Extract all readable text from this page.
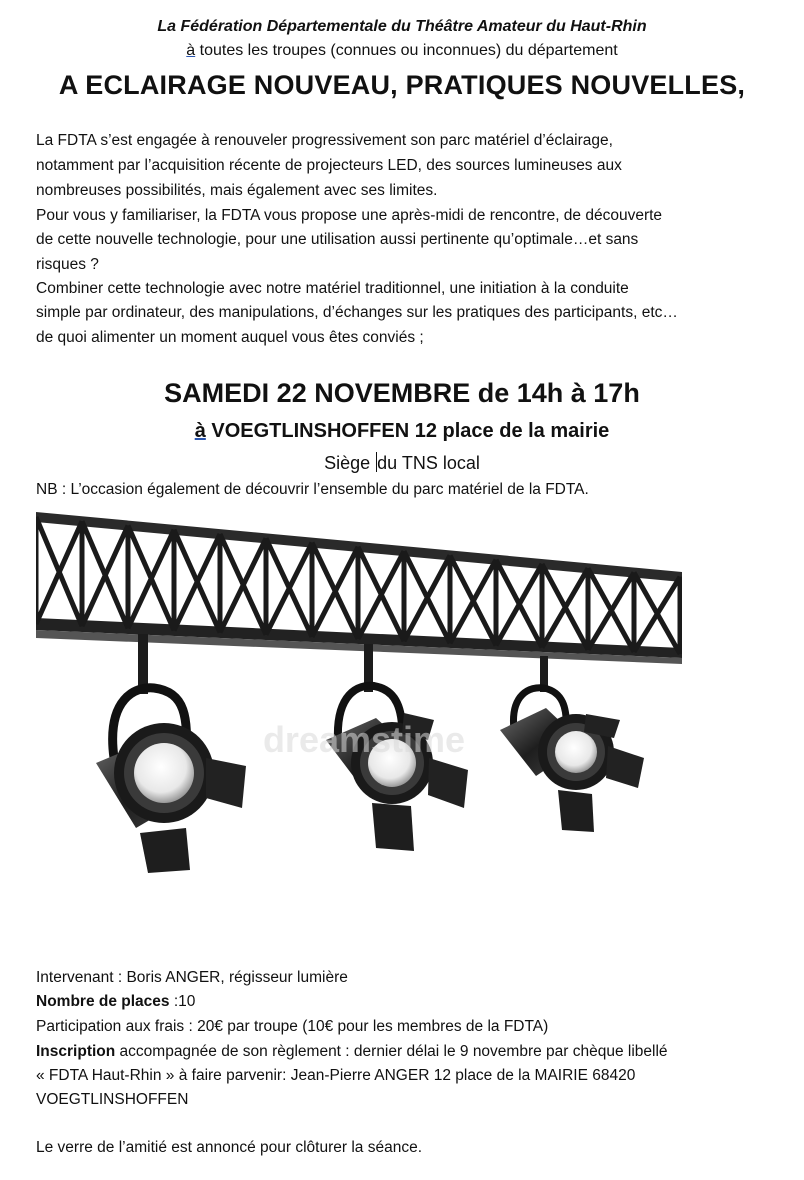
La Fédération Départementale du Théâtre Amateur du Haut-Rhin
à toutes les troupes (connues ou inconnues) du département
A ECLAIRAGE NOUVEAU, PRATIQUES NOUVELLES,
La FDTA s’est engagée à renouveler progressivement son parc matériel d’éclairage,
notamment par l’acquisition récente de projecteurs LED, des sources lumineuses aux
nombreuses possibilités, mais également avec ses limites.
Pour vous y familiariser, la FDTA vous propose une après-midi de rencontre, de découverte
de cette nouvelle technologie, pour une utilisation aussi pertinente qu’optimale…et sans
risques ?
Combiner cette technologie avec notre matériel traditionnel, une initiation à la conduite
simple par ordinateur, des manipulations, d’échanges sur les pratiques des participants, etc…
de quoi alimenter un moment auquel vous êtes conviés ;
SAMEDI 22 NOVEMBRE de 14h à 17h
à VOEGTLINSHOFFEN 12 place de la mairie
Siège du TNS local
NB : L’occasion également de découvrir l’ensemble du parc matériel de la FDTA.
dreamstime
Intervenant : Boris ANGER, régisseur lumière
Nombre de places :10
Participation aux frais : 20€ par troupe (10€ pour les membres de la FDTA)
Inscription accompagnée de son règlement : dernier délai le 9 novembre par chèque libellé
« FDTA Haut-Rhin » à faire parvenir: Jean-Pierre ANGER 12 place de la MAIRIE 68420
VOEGTLINSHOFFEN
Le verre de l’amitié est annoncé pour clôturer la séance.
